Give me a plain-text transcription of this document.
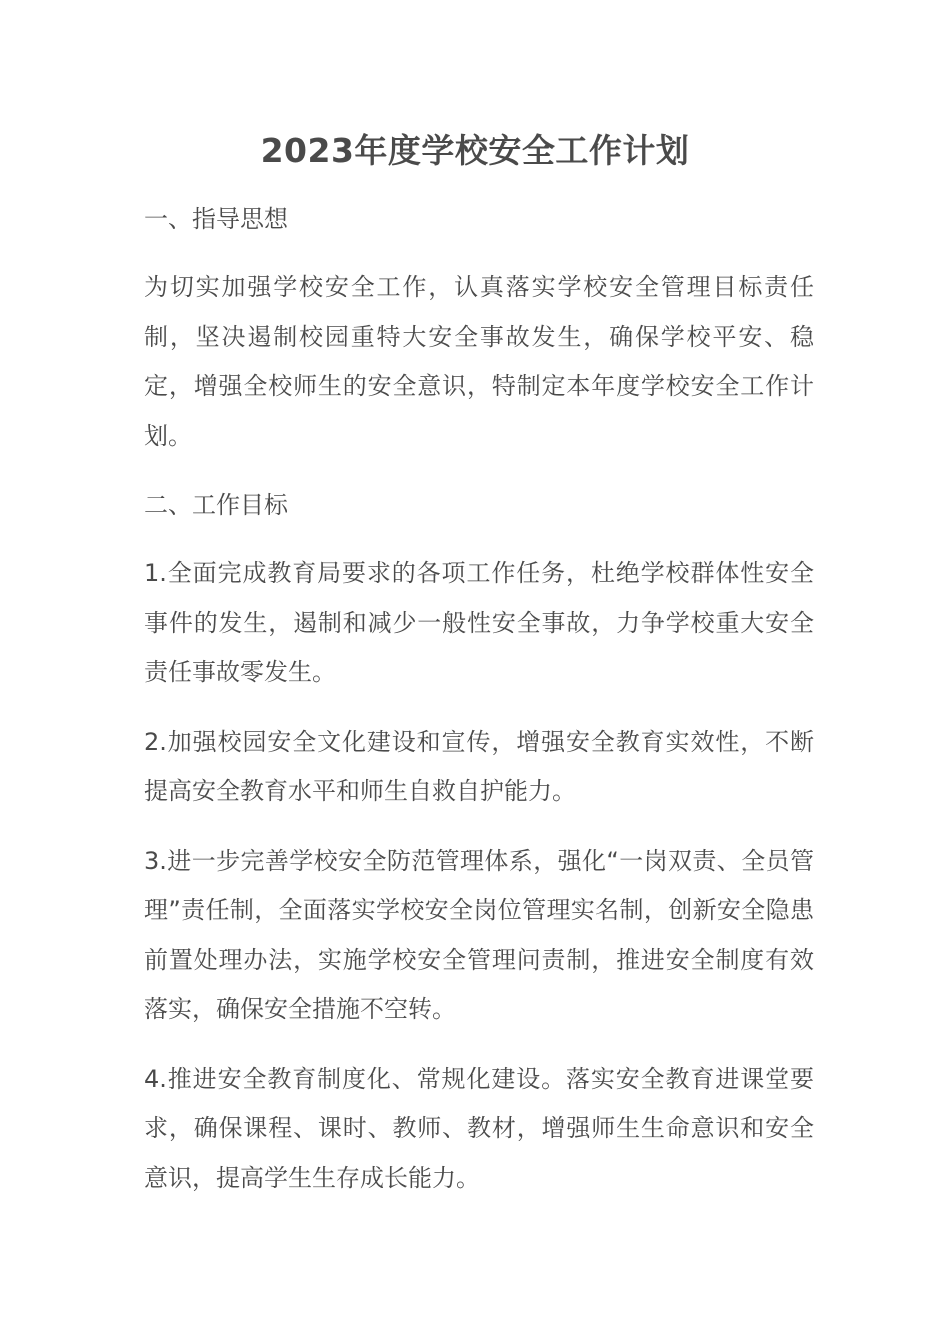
2023年度学校安全工作计划
一、指导思想

为切实加强学校安全工作，认真落实学校安全管理目标责任制，坚决遏制校园重特大安全事故发生，确保学校平安、稳定，增强全校师生的安全意识，特制定本年度学校安全工作计划。

二、工作目标

1.全面完成教育局要求的各项工作任务，杜绝学校群体性安全事件的发生，遏制和减少一般性安全事故，力争学校重大安全责任事故零发生。

2.加强校园安全文化建设和宣传，增强安全教育实效性，不断提高安全教育水平和师生自救自护能力。

3.进一步完善学校安全防范管理体系，强化“一岗双责、全员管理”责任制，全面落实学校安全岗位管理实名制，创新安全隐患前置处理办法，实施学校安全管理问责制，推进安全制度有效落实，确保安全措施不空转。

4.推进安全教育制度化、常规化建设。落实安全教育进课堂要求，确保课程、课时、教师、教材，增强师生生命意识和安全意识，提高学生生存成长能力。
